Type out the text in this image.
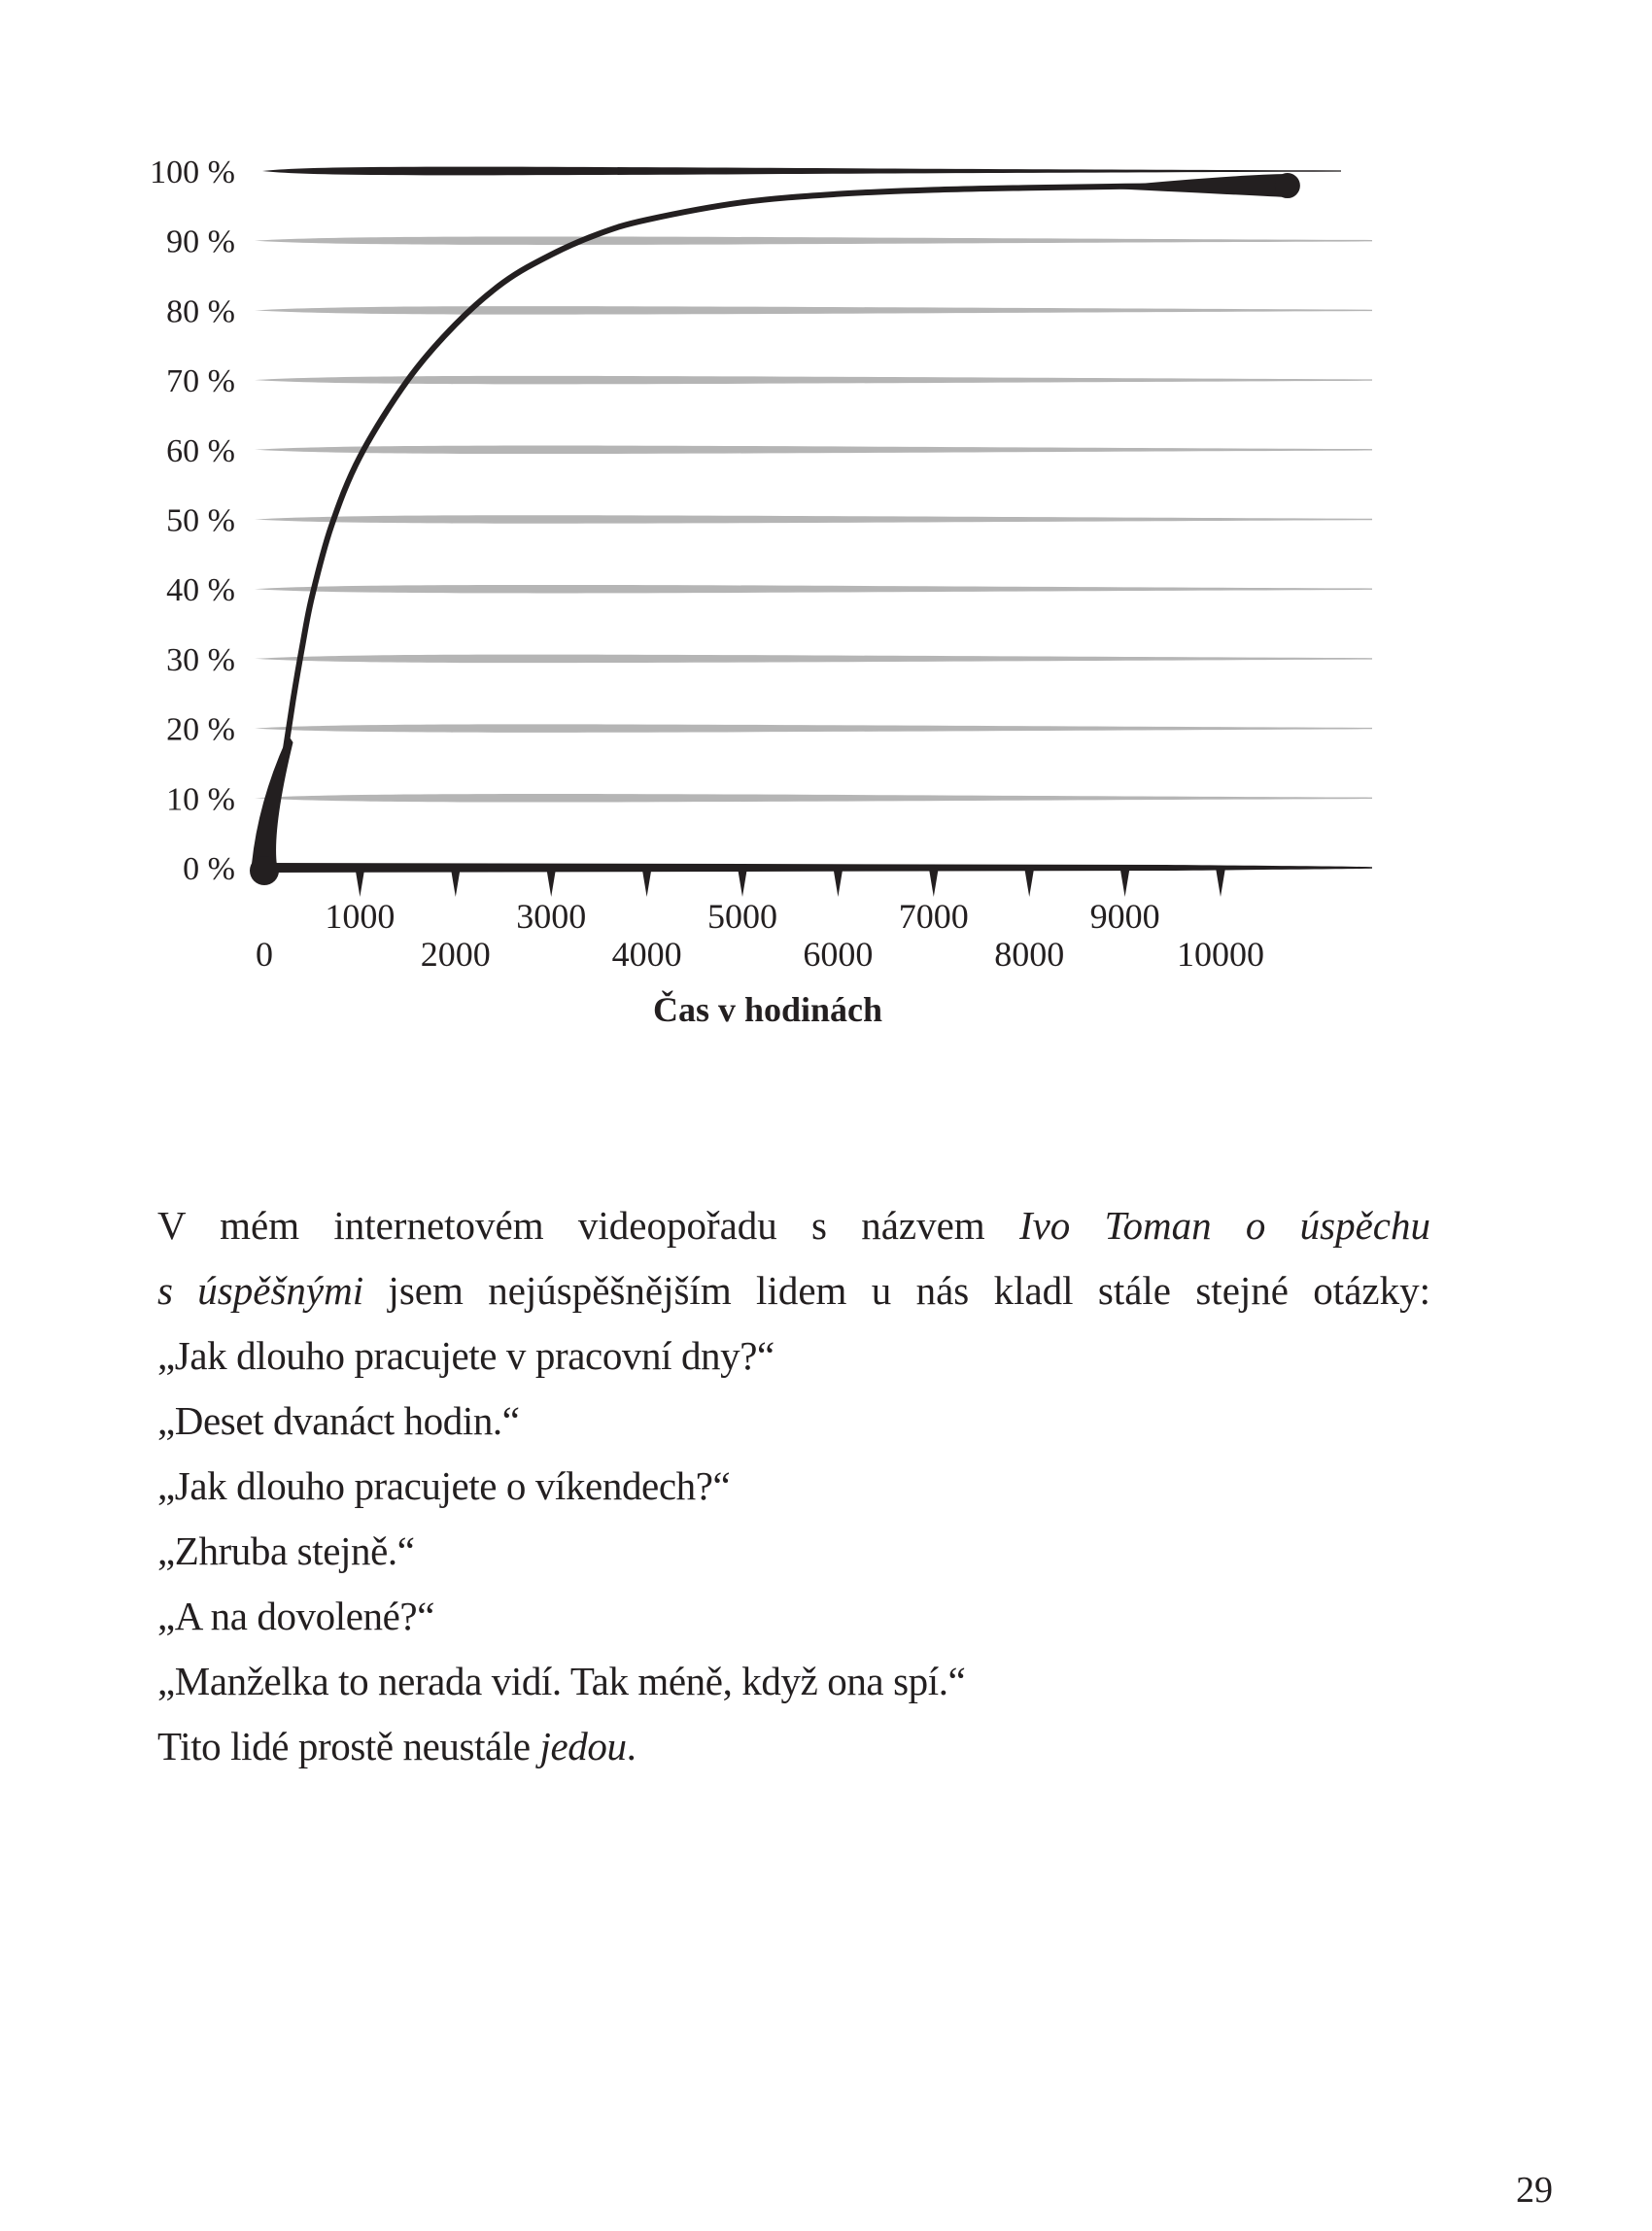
0 %
10 %
20 %
30 %
40 %
50 %
60 %
70 %
80 %
90 %
100 %
1000	3000	5000	7000	9000
0	2000	4000	6000	8000	10000
Čas v hodinách

V mém internetovém videopořadu s názvem Ivo Toman o úspěchu

s úspěšnými jsem nejúspěšnějším lidem u nás kladl stále stejné otázky:

„Jak dlouho pracujete v pracovní dny?“

„Deset dvanáct hodin.“

„Jak dlouho pracujete o víkendech?“

„Zhruba stejně.“

„A na dovolené?“

„Manželka to nerada vidí. Tak méně, když ona spí.“

Tito lidé prostě neustále jedou.

29
